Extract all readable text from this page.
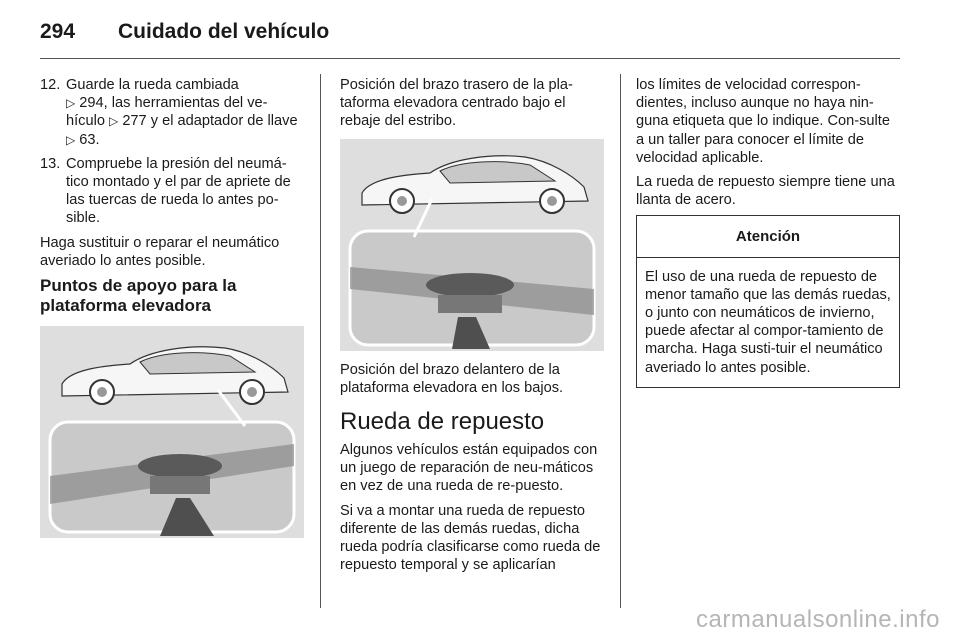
294 Cuidado del vehículo
12. Guarde la rueda cambiada
▷ 294, las herramientas del ve-hículo ▷ 277 y el adaptador de llave ▷ 63.
13. Compruebe la presión del neumá-tico montado y el par de apriete de las tuercas de rueda lo antes po-sible.

Haga sustituir o reparar el neumático averiado lo antes posible.

Puntos de apoyo para la plataforma elevadora

Posición del brazo trasero de la pla-taforma elevadora centrado bajo el rebaje del estribo.

Posición del brazo delantero de la plataforma elevadora en los bajos.

Rueda de repuesto

Algunos vehículos están equipados con un juego de reparación de neu-máticos en vez de una rueda de re-puesto.

Si va a montar una rueda de repuesto diferente de las demás ruedas, dicha rueda podría clasificarse como rueda de repuesto temporal y se aplicarían

los límites de velocidad correspon-dientes, incluso aunque no haya nin-guna etiqueta que lo indique. Con-sulte a un taller para conocer el límite de velocidad aplicable.

La rueda de repuesto siempre tiene una llanta de acero.

Atención
El uso de una rueda de repuesto de menor tamaño que las demás ruedas, o junto con neumáticos de invierno, puede afectar al compor-tamiento de marcha. Haga susti-tuir el neumático averiado lo antes posible.
carmanualsonline.info
